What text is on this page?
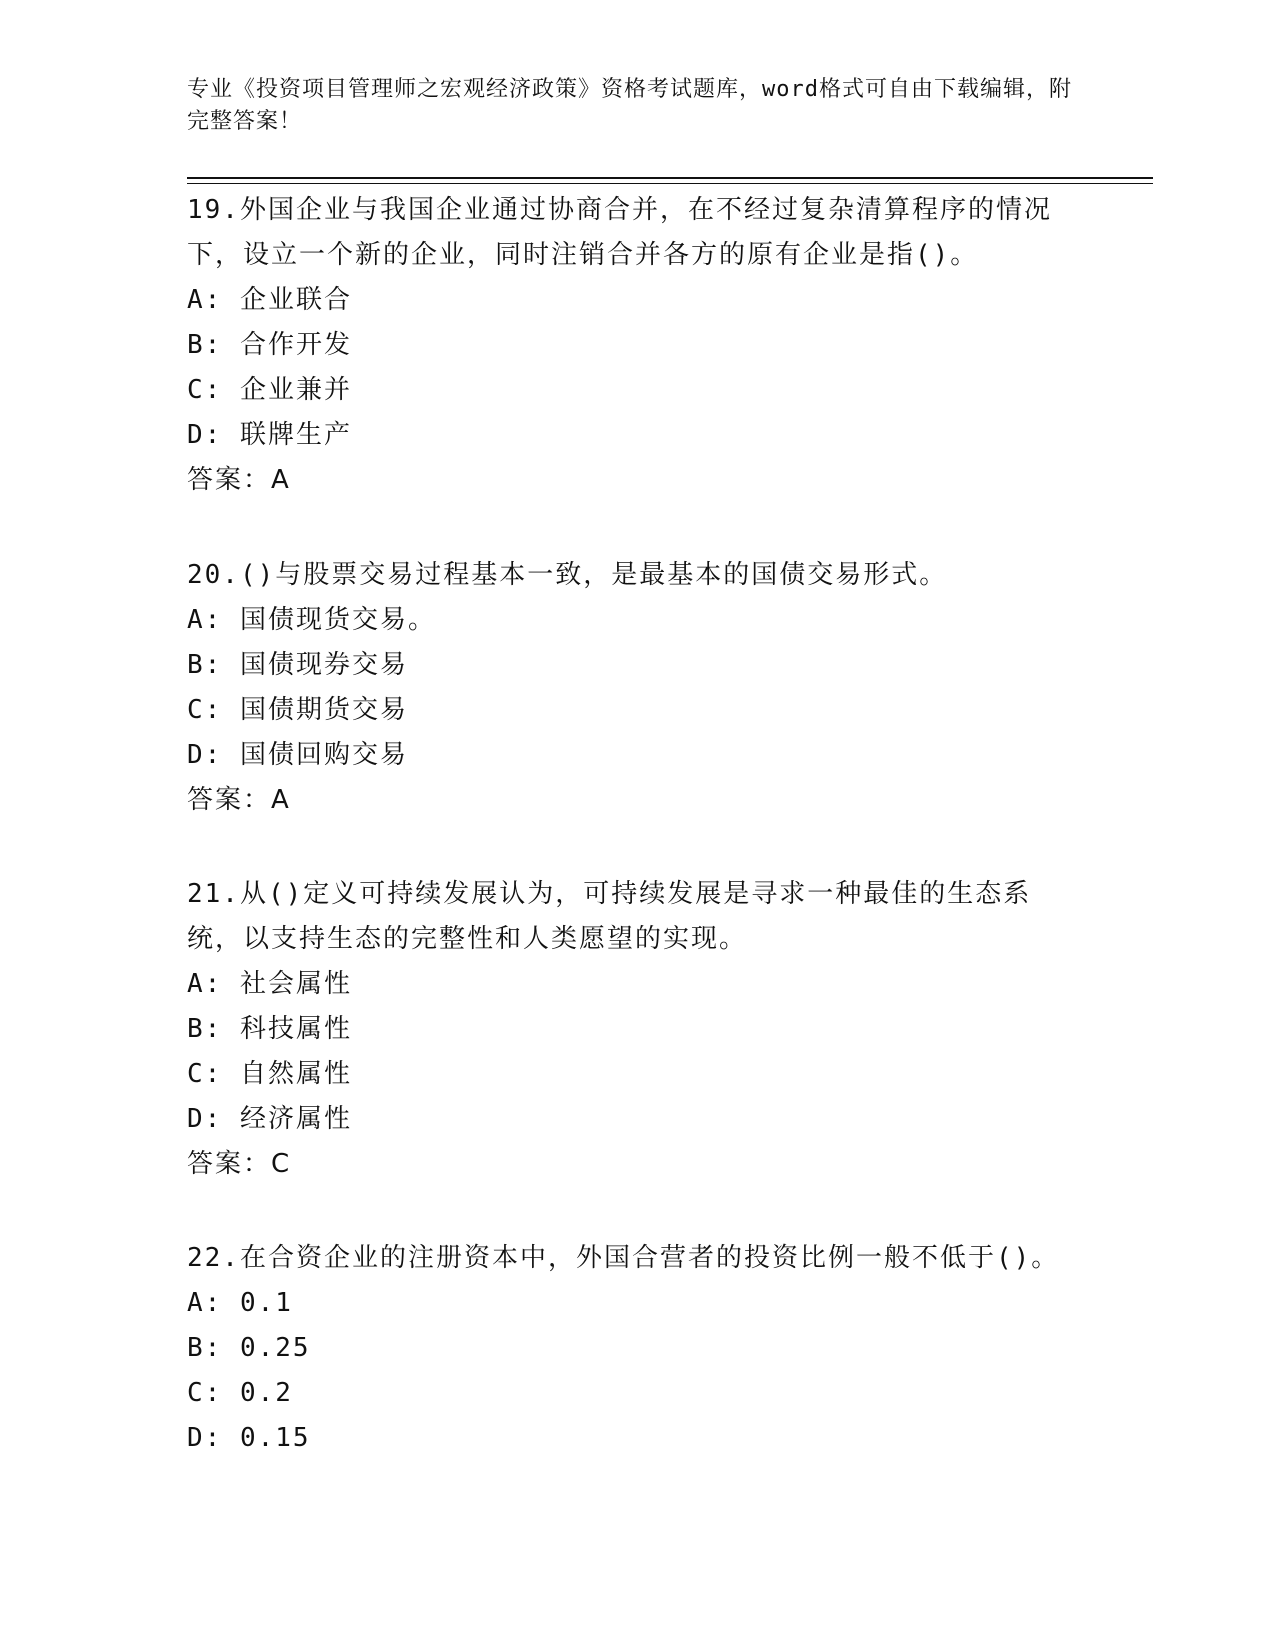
专业《投资项目管理师之宏观经济政策》资格考试题库，word格式可自由下载编辑，附完整答案！

19.外国企业与我国企业通过协商合并，在不经过复杂清算程序的情况下，设立一个新的企业，同时注销合并各方的原有企业是指()。

A: 企业联合

B: 合作开发

C: 企业兼并

D: 联牌生产

答案：A

20.()与股票交易过程基本一致，是最基本的国债交易形式。

A: 国债现货交易。

B: 国债现券交易

C: 国债期货交易

D: 国债回购交易

答案：A

21.从()定义可持续发展认为，可持续发展是寻求一种最佳的生态系统，以支持生态的完整性和人类愿望的实现。

A: 社会属性

B: 科技属性

C: 自然属性

D: 经济属性

答案：C

22.在合资企业的注册资本中，外国合营者的投资比例一般不低于()。

A: 0.1

B: 0.25

C: 0.2

D: 0.15
